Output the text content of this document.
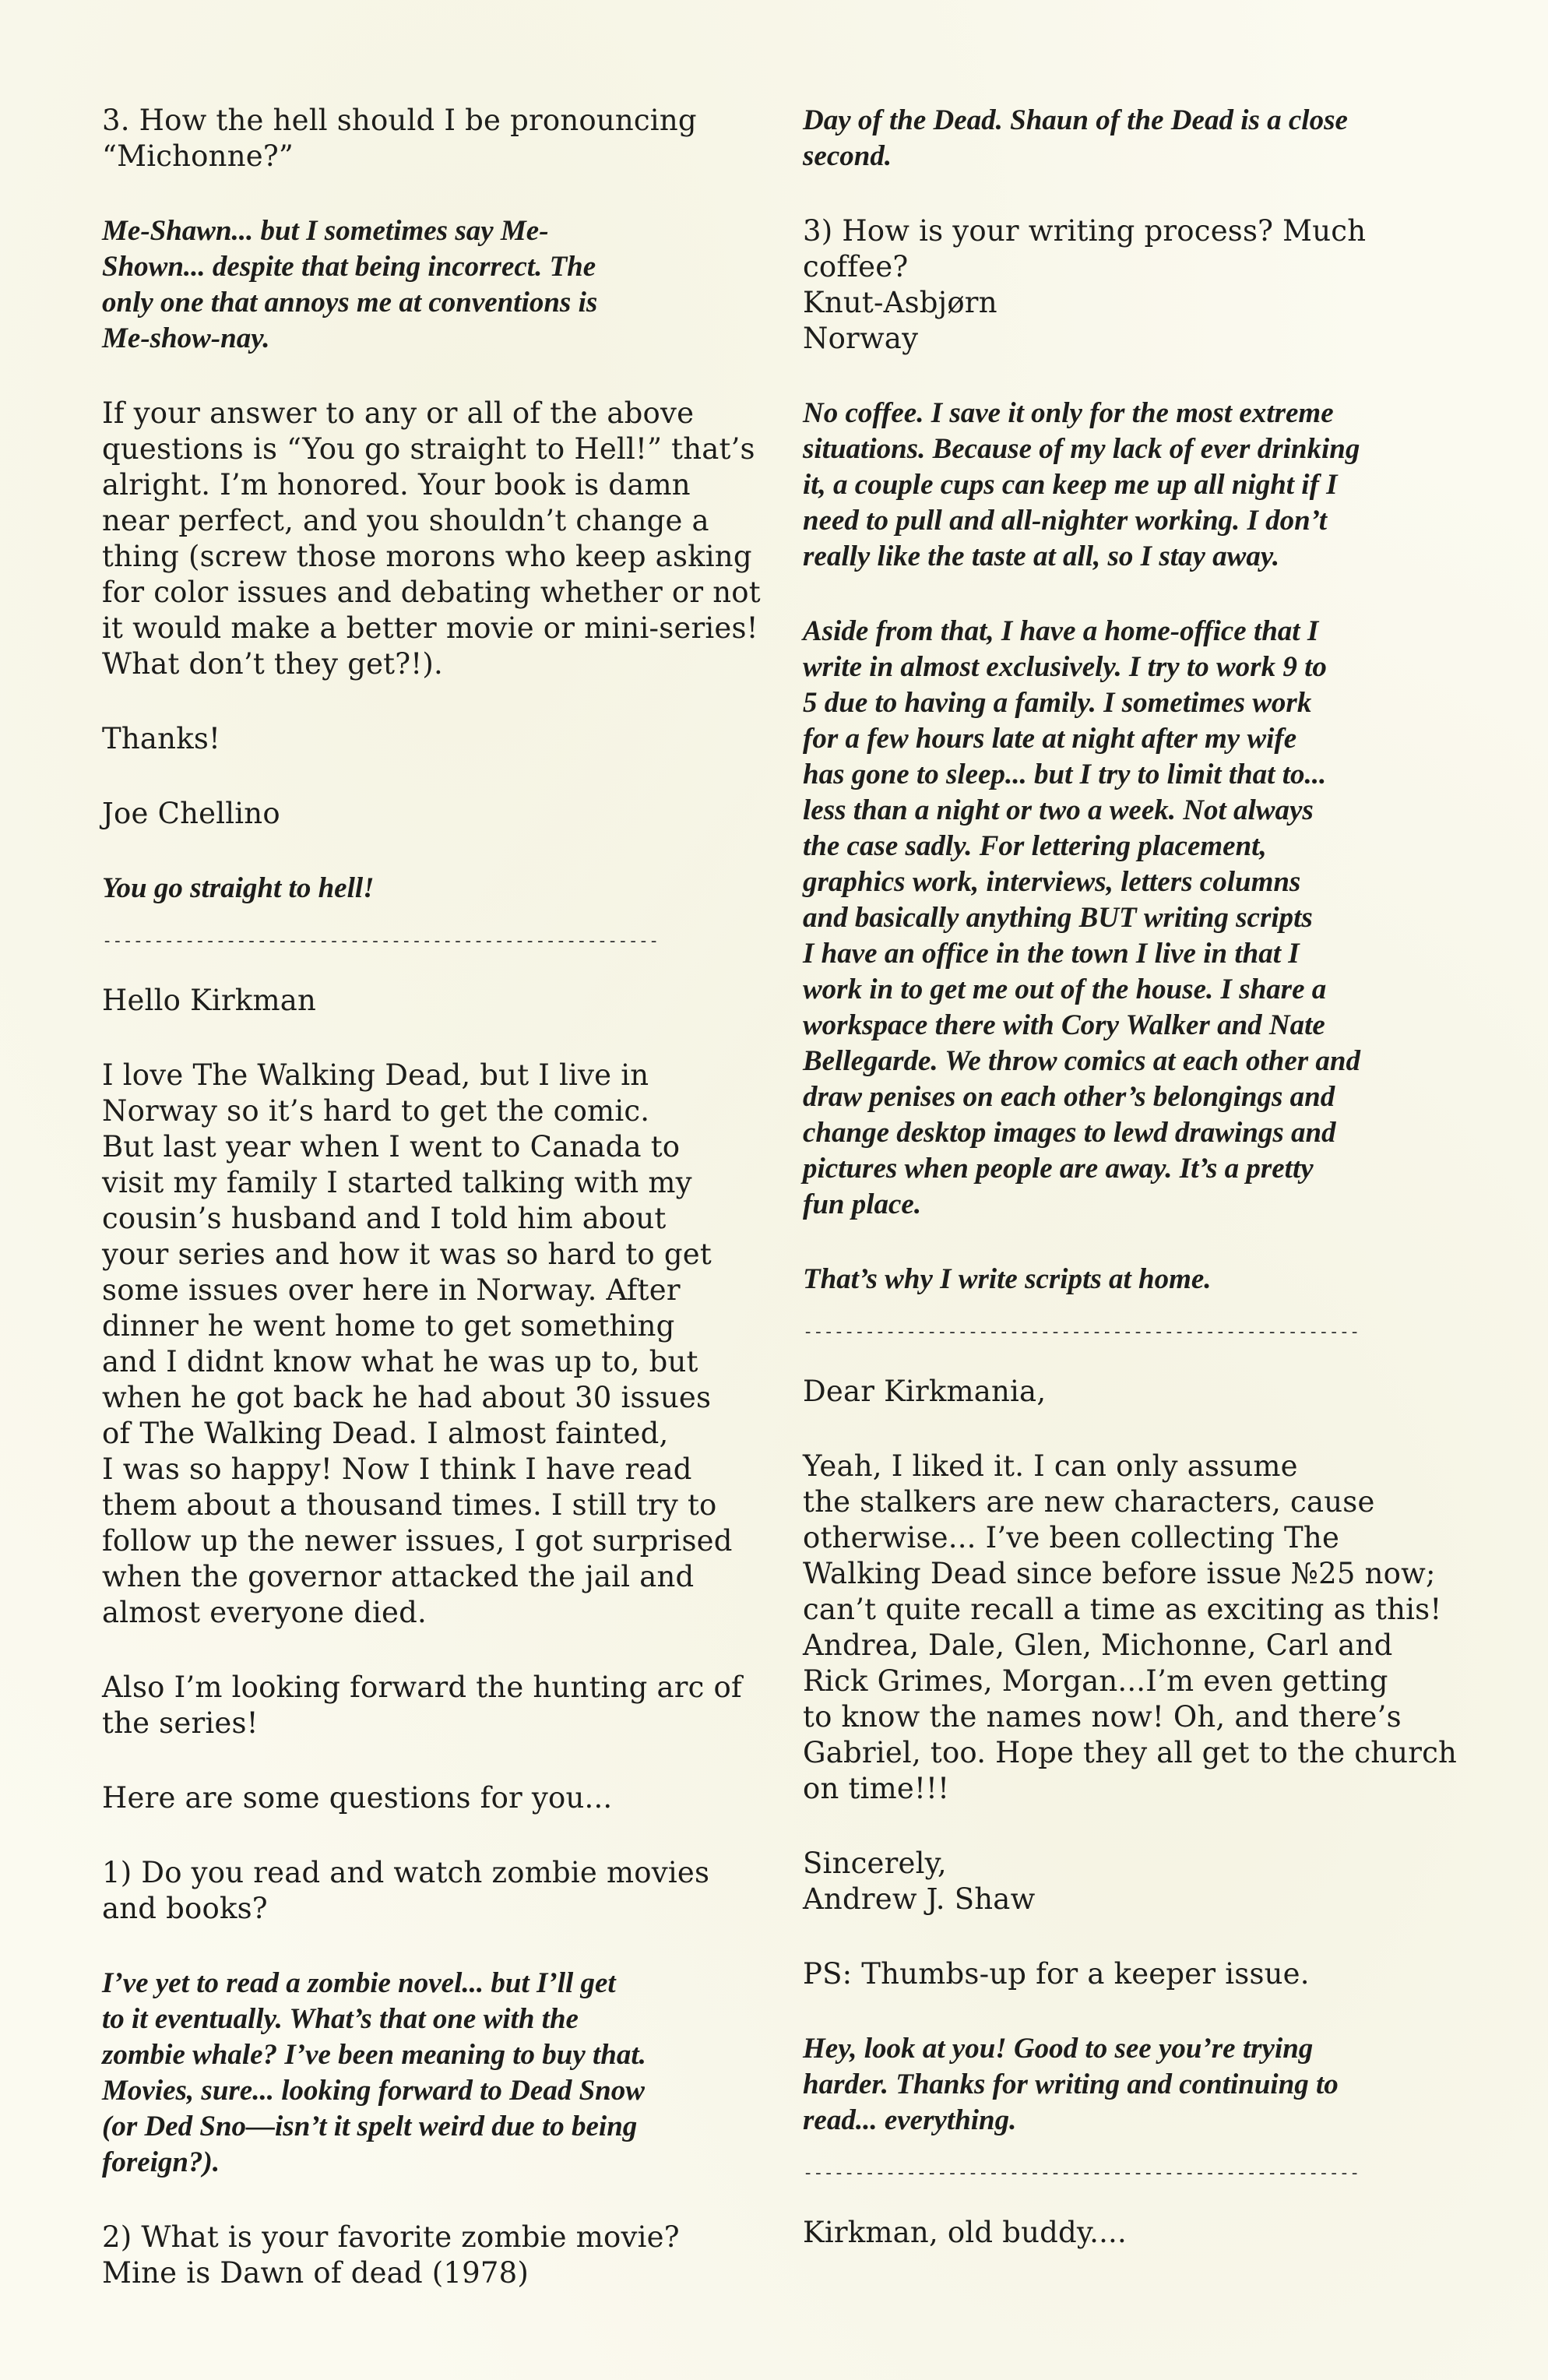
3. How the hell should I be pronouncing
“Michonne?”

Me-Shawn... but I sometimes say Me-
Shown... despite that being incorrect. The
only one that annoys me at conventions is
Me-show-nay.

If your answer to any or all of the above
questions is “You go straight to Hell!” that’s
alright. I’m honored. Your book is damn
near perfect, and you shouldn’t change a
thing (screw those morons who keep asking
for color issues and debating whether or not
it would make a better movie or mini-series!
What don’t they get?!).

Thanks!

Joe Chellino

You go straight to hell!

------------------------------------------------------

Hello Kirkman

I love The Walking Dead, but I live in
Norway so it’s hard to get the comic.
But last year when I went to Canada to
visit my family I started talking with my
cousin’s husband and I told him about
your series and how it was so hard to get
some issues over here in Norway. After
dinner he went home to get something
and I didnt know what he was up to, but
when he got back he had about 30 issues
of The Walking Dead. I almost fainted,
I was so happy! Now I think I have read
them about a thousand times. I still try to
follow up the newer issues, I got surprised
when the governor attacked the jail and
almost everyone died.

Also I’m looking forward the hunting arc of
the series!

Here are some questions for you...

1) Do you read and watch zombie movies
and books?

I’ve yet to read a zombie novel... but I’ll get
to it eventually. What’s that one with the
zombie whale? I’ve been meaning to buy that.
Movies, sure... looking forward to Dead Snow
(or Ded Sno—isn’t it spelt weird due to being
foreign?).

2) What is your favorite zombie movie?
Mine is Dawn of dead (1978)

Day of the Dead. Shaun of the Dead is a close
second.

3) How is your writing process? Much
coffee?
Knut-Asbjørn
Norway

No coffee. I save it only for the most extreme
situations. Because of my lack of ever drinking
it, a couple cups can keep me up all night if I
need to pull and all-nighter working. I don’t
really like the taste at all, so I stay away.

Aside from that, I have a home-office that I
write in almost exclusively. I try to work 9 to
5 due to having a family. I sometimes work
for a few hours late at night after my wife
has gone to sleep... but I try to limit that to...
less than a night or two a week. Not always
the case sadly. For lettering placement,
graphics work, interviews, letters columns
and basically anything BUT writing scripts
I have an office in the town I live in that I
work in to get me out of the house. I share a
workspace there with Cory Walker and Nate
Bellegarde. We throw comics at each other and
draw penises on each other’s belongings and
change desktop images to lewd drawings and
pictures when people are away. It’s a pretty
fun place.

That’s why I write scripts at home.

------------------------------------------------------

Dear Kirkmania,

Yeah, I liked it. I can only assume
the stalkers are new characters, cause
otherwise... I’ve been collecting The
Walking Dead since before issue №25 now;
can’t quite recall a time as exciting as this!
Andrea, Dale, Glen, Michonne, Carl and
Rick Grimes, Morgan...I’m even getting
to know the names now! Oh, and there’s
Gabriel, too. Hope they all get to the church
on time!!!

Sincerely,
Andrew J. Shaw

PS: Thumbs-up for a keeper issue.

Hey, look at you! Good to see you’re trying
harder. Thanks for writing and continuing to
read... everything.

------------------------------------------------------

Kirkman, old buddy....
